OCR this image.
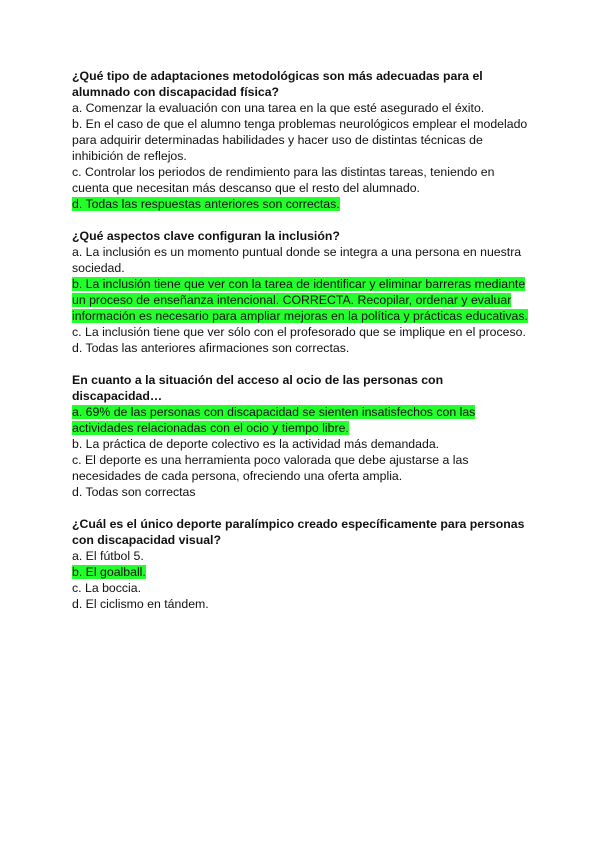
¿Qué tipo de adaptaciones metodológicas son más adecuadas para el alumnado con discapacidad física?

a. Comenzar la evaluación con una tarea en la que esté asegurado el éxito.

b. En el caso de que el alumno tenga problemas neurológicos emplear el modelado para adquirir determinadas habilidades y hacer uso de distintas técnicas de inhibición de reflejos.

c. Controlar los periodos de rendimiento para las distintas tareas, teniendo en cuenta que necesitan más descanso que el resto del alumnado.

d. Todas las respuestas anteriores son correctas.

¿Qué aspectos clave configuran la inclusión?

a. La inclusión es un momento puntual donde se integra a una persona en nuestra sociedad.

b. La inclusión tiene que ver con la tarea de identificar y eliminar barreras mediante un proceso de enseñanza intencional. CORRECTA. Recopilar, ordenar y evaluar información es necesario para ampliar mejoras en la política y prácticas educativas.

c. La inclusión tiene que ver sólo con el profesorado que se implique en el proceso.

d. Todas las anteriores afirmaciones son correctas.

En cuanto a la situación del acceso al ocio de las personas con discapacidad…

a. 69% de las personas con discapacidad se sienten insatisfechos con las actividades relacionadas con el ocio y tiempo libre.

b. La práctica de deporte colectivo es la actividad más demandada.

c. El deporte es una herramienta poco valorada que debe ajustarse a las necesidades de cada persona, ofreciendo una oferta amplia.

d. Todas son correctas

¿Cuál es el único deporte paralímpico creado específicamente para personas con discapacidad visual?

a. El fútbol 5.

b. El goalball.

c. La boccia.

d. El ciclismo en tándem.
